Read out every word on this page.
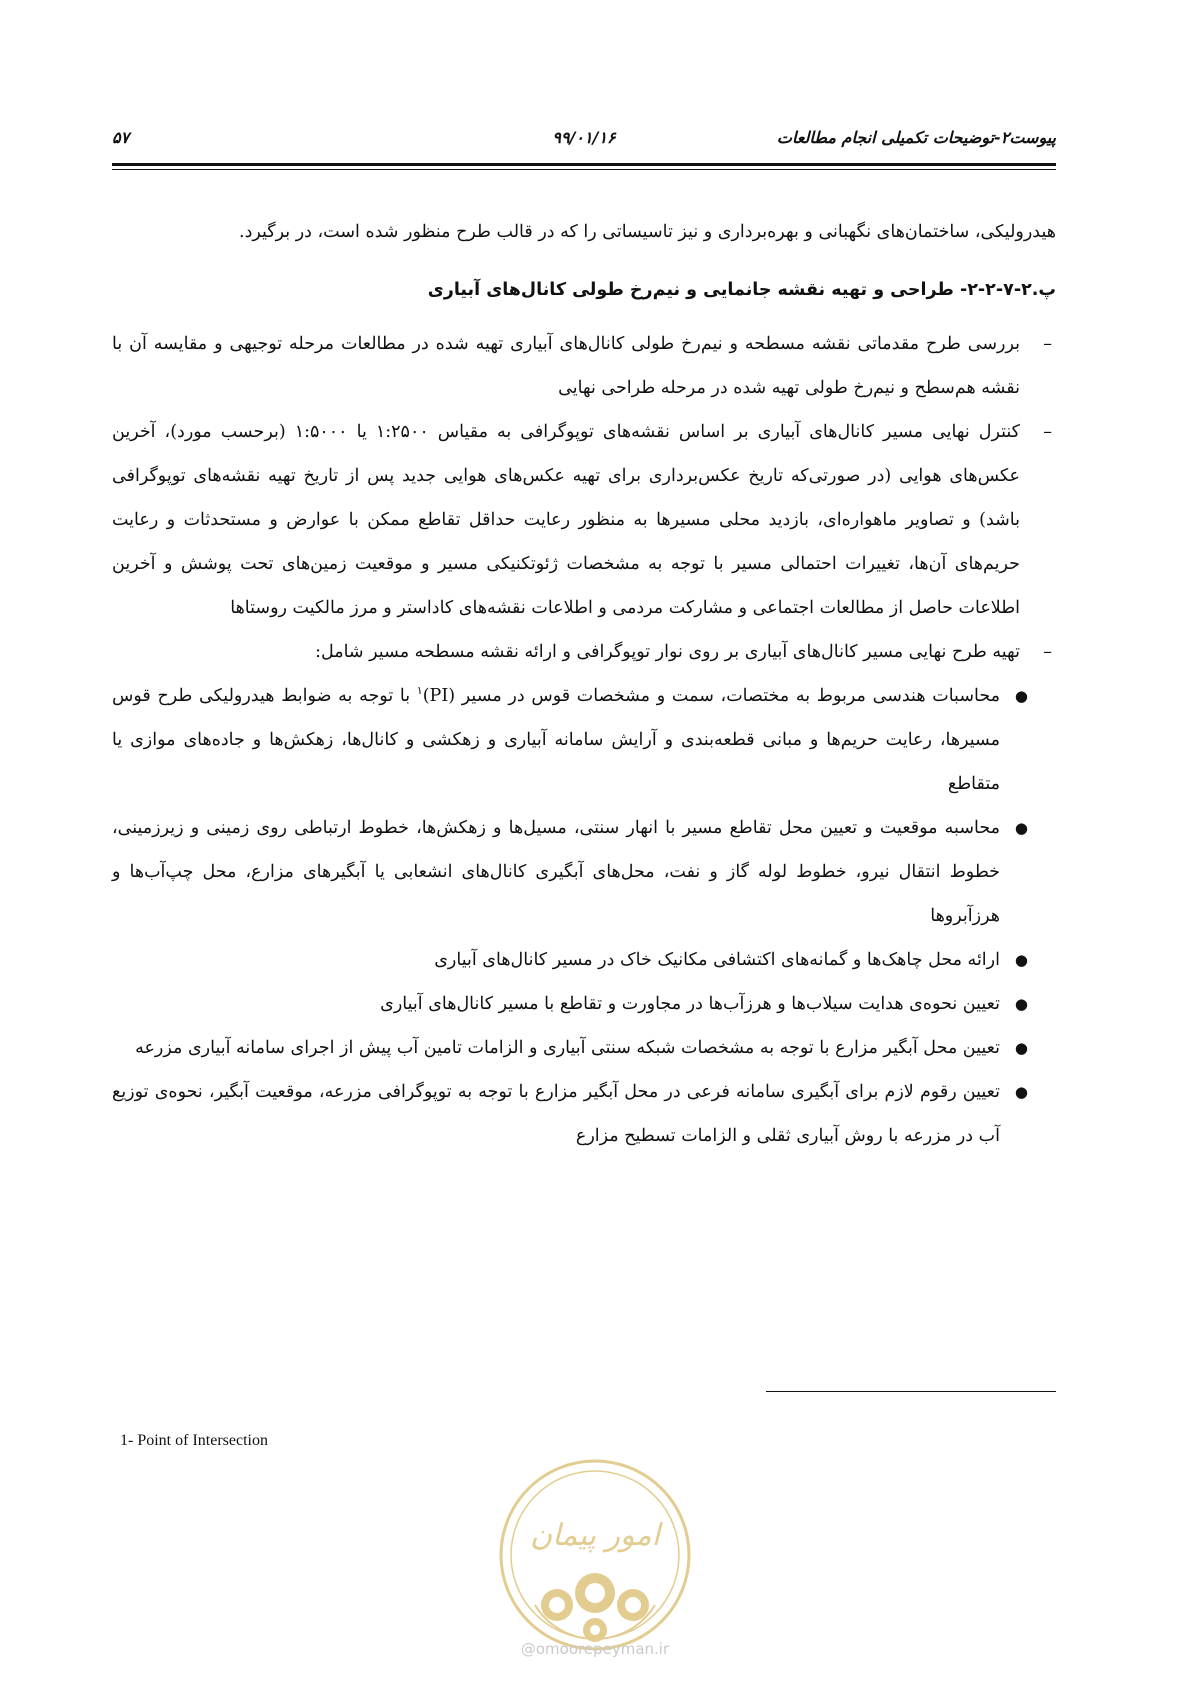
پیوست۲-توضیحات تکمیلی انجام مطالعات
۹۹/۰۱/۱۶
۵۷

هیدرولیکی، ساختمان‌های نگهبانی و بهره‌برداری و نیز تاسیساتی را که در قالب طرح منظور شده است، در برگیرد.

پ.۲-۷-۲-۲- طراحی و تهیه نقشه جانمایی و نیم‌رخ طولی کانال‌های آبیاری

–
بررسی طرح مقدماتی نقشه مسطحه و نیم‌رخ طولی کانال‌های آبیاری تهیه شده در مطالعات مرحله توجیهی و مقایسه آن با نقشه هم‌سطح و نیم‌رخ طولی تهیه شده در مرحله طراحی نهایی

–
کنترل نهایی مسیر کانال‌های آبیاری بر اساس نقشه‌های توپوگرافی به مقیاس ۱:۲۵۰۰ یا ۱:۵۰۰۰ (برحسب مورد)، آخرین عکس‌های هوایی (در صورتی‌که تاریخ عکس‌برداری برای تهیه عکس‌های هوایی جدید پس از تاریخ تهیه نقشه‌های توپوگرافی باشد) و تصاویر ماهواره‌ای، بازدید محلی مسیرها به منظور رعایت حداقل تقاطع ممکن با عوارض و مستحدثات و رعایت حریم‌های آن‌ها، تغییرات احتمالی مسیر با توجه به مشخصات ژئوتکنیکی مسیر و موقعیت زمین‌های تحت پوشش و آخرین اطلاعات حاصل از مطالعات اجتماعی و مشارکت مردمی و اطلاعات نقشه‌های کاداستر و مرز مالکیت روستاها

–
تهیه طرح نهایی مسیر کانال‌های آبیاری بر روی نوار توپوگرافی و ارائه نقشه مسطحه مسیر شامل:

●
محاسبات هندسی مربوط به مختصات، سمت و مشخصات قوس در مسیر (PI)$^۱$ با توجه به ضوابط هیدرولیکی طرح قوس مسیرها، رعایت حریم‌ها و مبانی قطعه‌بندی و آرایش سامانه آبیاری و زهکشی و کانال‌ها، زهکش‌ها و جاده‌های موازی یا متقاطع

●
محاسبه موقعیت و تعیین محل تقاطع مسیر با انهار سنتی، مسیل‌ها و زهکش‌ها، خطوط ارتباطی روی زمینی و زیرزمینی، خطوط انتقال نیرو، خطوط لوله گاز و نفت، محل‌های آبگیری کانال‌های انشعابی یا آبگیرهای مزارع، محل چپ‌آب‌ها و هرزآبروها

●
ارائه محل چاهک‌ها و گمانه‌های اکتشافی مکانیک خاک در مسیر کانال‌های آبیاری

●
تعیین نحوه‌ی هدایت سیلاب‌ها و هرزآب‌ها در مجاورت و تقاطع با مسیر کانال‌های آبیاری

●
تعیین محل آبگیر مزارع با توجه به مشخصات شبکه سنتی آبیاری و الزامات تامین آب پیش از اجرای سامانه آبیاری مزرعه

●
تعیین رقوم لازم برای آبگیری سامانه فرعی در محل آبگیر مزارع با توجه به توپوگرافی مزرعه، موقعیت آبگیر، نحوه‌ی توزیع آب در مزرعه با روش آبیاری ثقلی و الزامات تسطیح مزارع

1- Point of Intersection
امور پیمان
@omoorepeyman.ir
